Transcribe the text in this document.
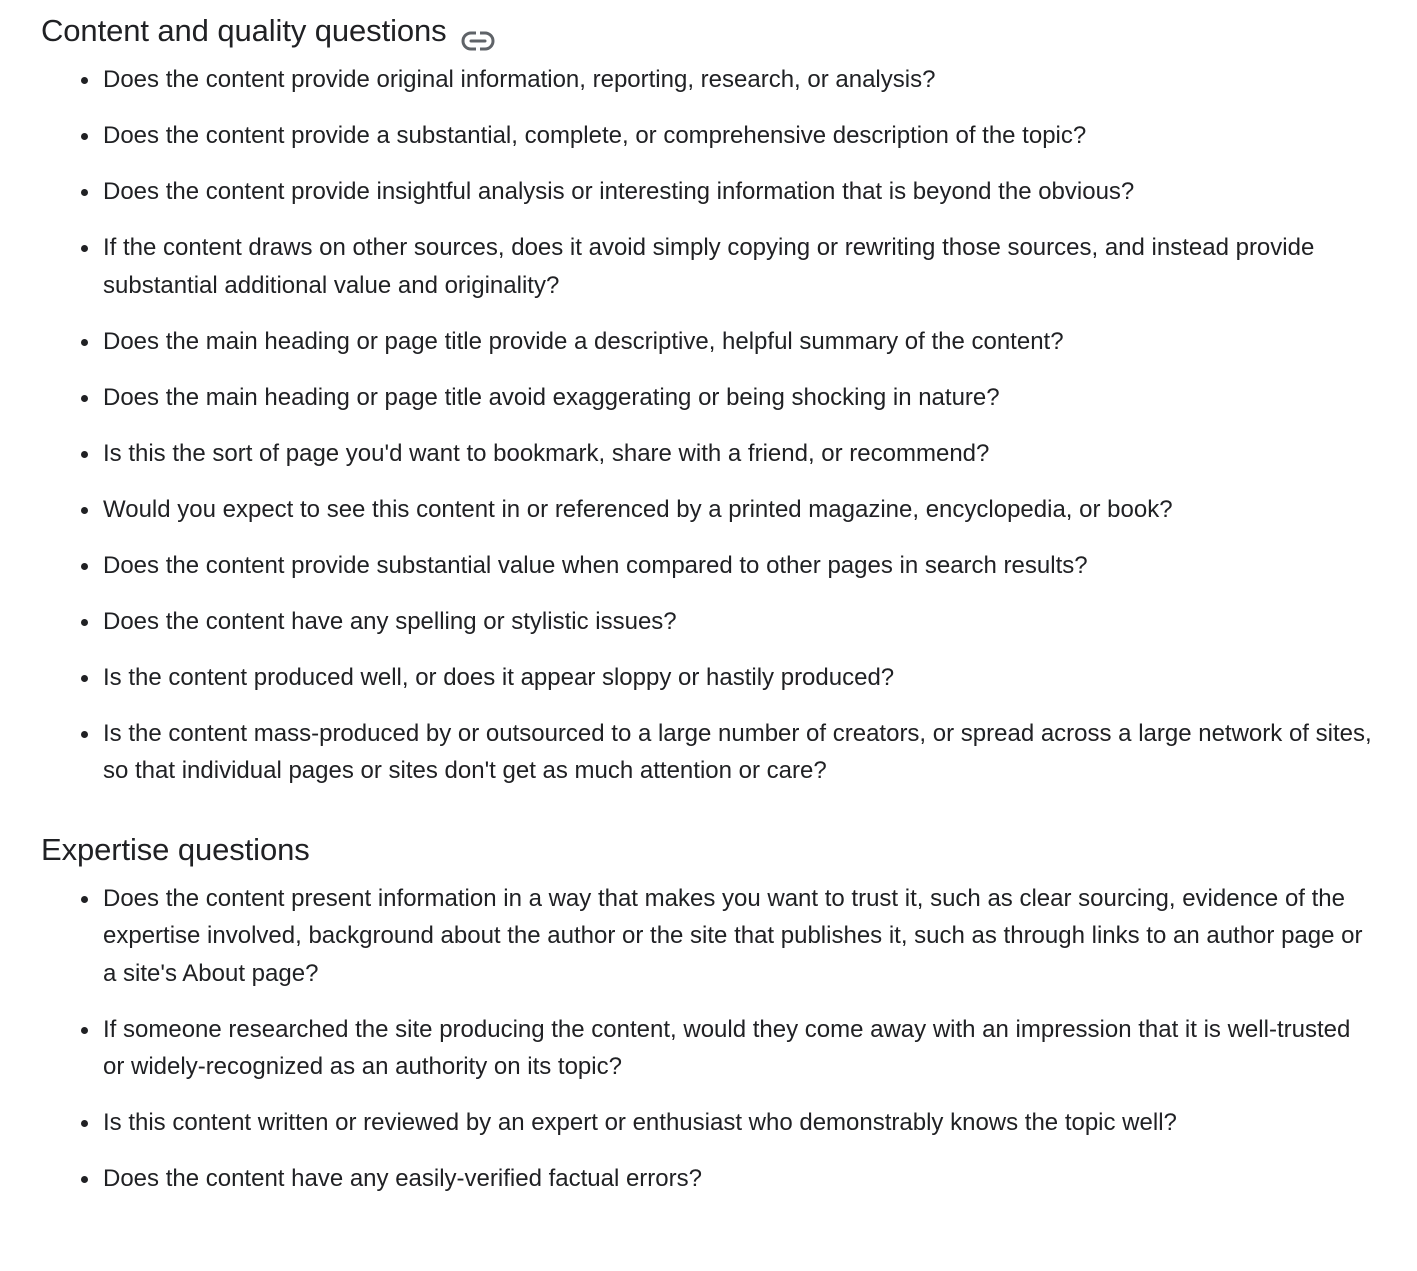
Content and quality questions
Does the content provide original information, reporting, research, or analysis?
Does the content provide a substantial, complete, or comprehensive description of the topic?
Does the content provide insightful analysis or interesting information that is beyond the obvious?
If the content draws on other sources, does it avoid simply copying or rewriting those sources, and instead provide substantial additional value and originality?
Does the main heading or page title provide a descriptive, helpful summary of the content?
Does the main heading or page title avoid exaggerating or being shocking in nature?
Is this the sort of page you'd want to bookmark, share with a friend, or recommend?
Would you expect to see this content in or referenced by a printed magazine, encyclopedia, or book?
Does the content provide substantial value when compared to other pages in search results?
Does the content have any spelling or stylistic issues?
Is the content produced well, or does it appear sloppy or hastily produced?
Is the content mass-produced by or outsourced to a large number of creators, or spread across a large network of sites, so that individual pages or sites don't get as much attention or care?
Expertise questions
Does the content present information in a way that makes you want to trust it, such as clear sourcing, evidence of the expertise involved, background about the author or the site that publishes it, such as through links to an author page or a site's About page?
If someone researched the site producing the content, would they come away with an impression that it is well-trusted or widely-recognized as an authority on its topic?
Is this content written or reviewed by an expert or enthusiast who demonstrably knows the topic well?
Does the content have any easily-verified factual errors?
